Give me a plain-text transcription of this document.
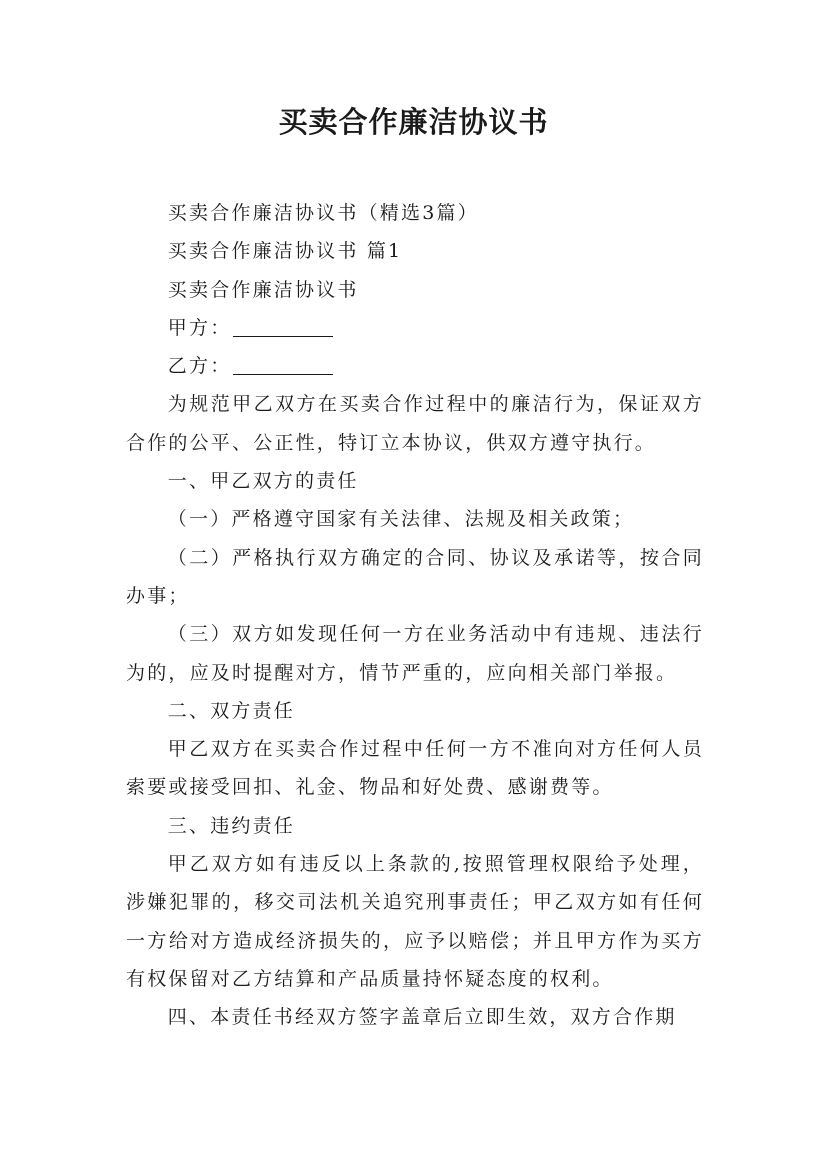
买卖合作廉洁协议书

买卖合作廉洁协议书（精选3篇）

买卖合作廉洁协议书 篇1

买卖合作廉洁协议书

甲方：

乙方：

为规范甲乙双方在买卖合作过程中的廉洁行为，保证双方合作的公平、公正性，特订立本协议，供双方遵守执行。

一、甲乙双方的责任

（一）严格遵守国家有关法律、法规及相关政策；

（二）严格执行双方确定的合同、协议及承诺等，按合同办事；

（三）双方如发现任何一方在业务活动中有违规、违法行为的，应及时提醒对方，情节严重的，应向相关部门举报。

二、双方责任

甲乙双方在买卖合作过程中任何一方不准向对方任何人员索要或接受回扣、礼金、物品和好处费、感谢费等。

三、违约责任

甲乙双方如有违反以上条款的,按照管理权限给予处理，涉嫌犯罪的，移交司法机关追究刑事责任；甲乙双方如有任何一方给对方造成经济损失的，应予以赔偿；并且甲方作为买方有权保留对乙方结算和产品质量持怀疑态度的权利。

四、本责任书经双方签字盖章后立即生效，双方合作期
